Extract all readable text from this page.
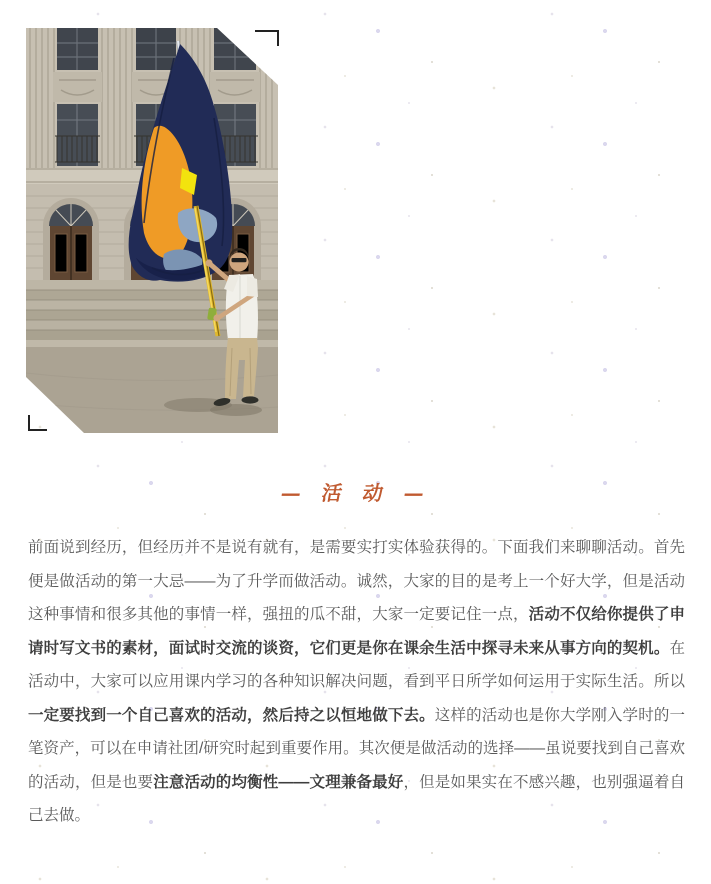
— 活 动 —

前面说到经历，但经历并不是说有就有，是需要实打实体验获得的。下面我们来聊聊活动。首先便是做活动的第一大忌——为了升学而做活动。诚然，大家的目的是考上一个好大学，但是活动这种事情和很多其他的事情一样，强扭的瓜不甜，大家一定要记住一点，活动不仅给你提供了申请时写文书的素材，面试时交流的谈资，它们更是你在课余生活中探寻未来从事方向的契机。在活动中，大家可以应用课内学习的各种知识解决问题，看到平日所学如何运用于实际生活。所以一定要找到一个自己喜欢的活动，然后持之以恒地做下去。这样的活动也是你大学刚入学时的一笔资产，可以在申请社团/研究时起到重要作用。其次便是做活动的选择——虽说要找到自己喜欢的活动，但是也要注意活动的均衡性——文理兼备最好，但是如果实在不感兴趣，也别强逼着自己去做。
